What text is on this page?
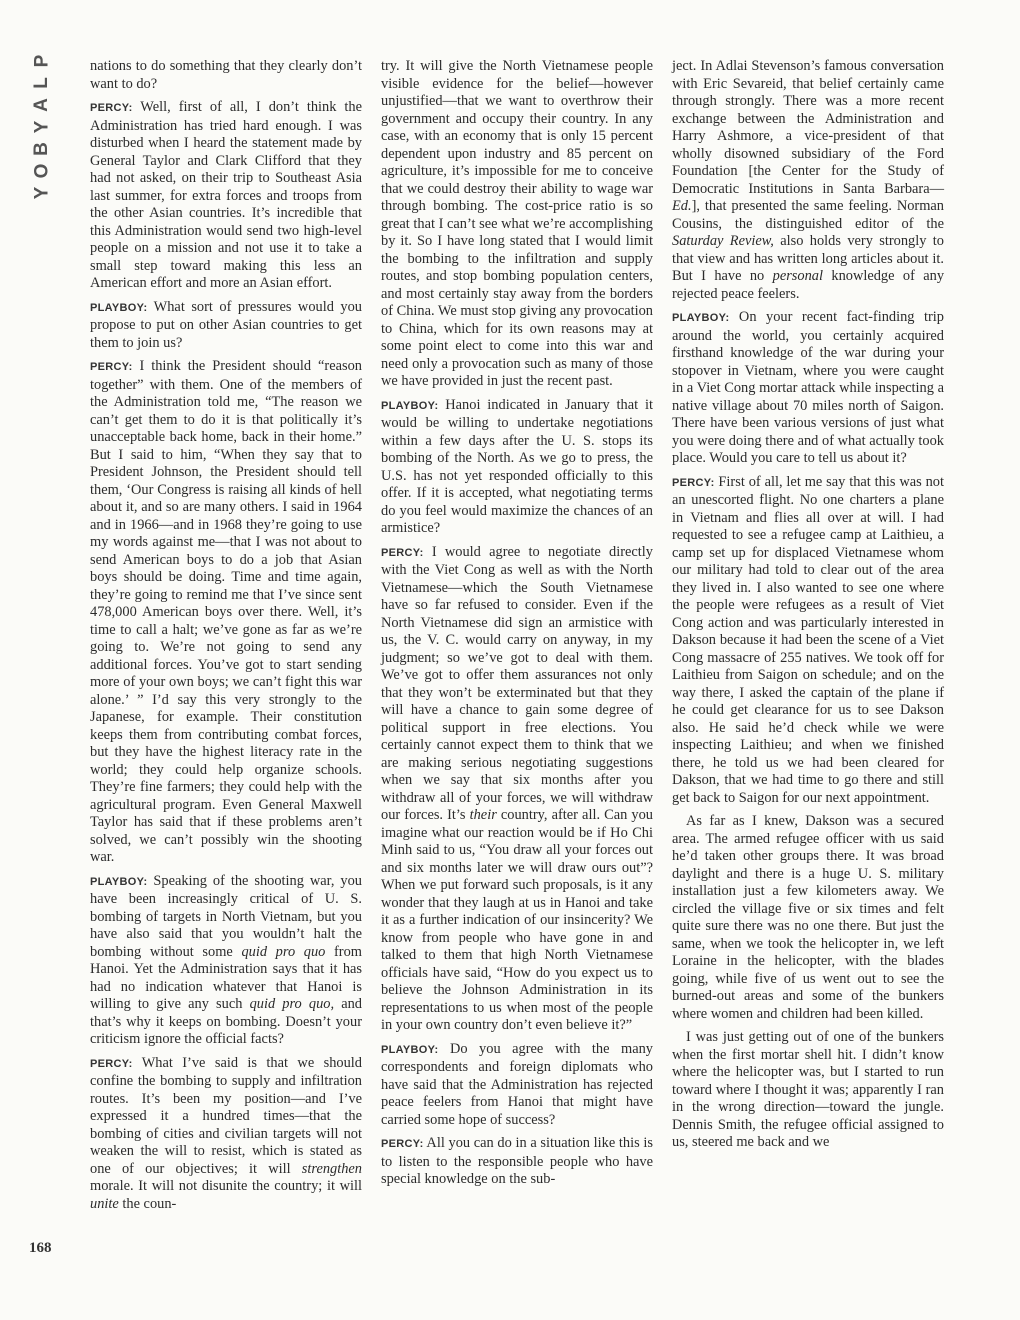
P
L
A
Y
B
O
Y

nations to do something that they clearly don’t want to do?

PERCY: Well, first of all, I don’t think the Administration has tried hard enough. I was disturbed when I heard the statement made by General Taylor and Clark Clifford that they had not asked, on their trip to Southeast Asia last summer, for extra forces and troops from the other Asian countries. It’s incredible that this Administration would send two high-level people on a mission and not use it to take a small step toward making this less an American effort and more an Asian effort.

PLAYBOY: What sort of pressures would you propose to put on other Asian countries to get them to join us?

PERCY: I think the President should “reason together” with them. One of the members of the Administration told me, “The reason we can’t get them to do it is that politically it’s unacceptable back home, back in their home.” But I said to him, “When they say that to President Johnson, the President should tell them, ‘Our Congress is raising all kinds of hell about it, and so are many others. I said in 1964 and in 1966—and in 1968 they’re going to use my words against me—that I was not about to send American boys to do a job that Asian boys should be doing. Time and time again, they’re going to remind me that I’ve since sent 478,000 American boys over there. Well, it’s time to call a halt; we’ve gone as far as we’re going to. We’re not going to send any additional forces. You’ve got to start sending more of your own boys; we can’t fight this war alone.’ ” I’d say this very strongly to the Japanese, for example. Their constitution keeps them from contributing combat forces, but they have the highest literacy rate in the world; they could help organize schools. They’re fine farmers; they could help with the agricultural program. Even General Maxwell Taylor has said that if these problems aren’t solved, we can’t possibly win the shooting war.

PLAYBOY: Speaking of the shooting war, you have been increasingly critical of U. S. bombing of targets in North Vietnam, but you have also said that you wouldn’t halt the bombing without some quid pro quo from Hanoi. Yet the Administration says that it has had no indication whatever that Hanoi is willing to give any such quid pro quo, and that’s why it keeps on bombing. Doesn’t your criticism ignore the official facts?

PERCY: What I’ve said is that we should confine the bombing to supply and infiltration routes. It’s been my position—and I’ve expressed it a hundred times—that the bombing of cities and civilian targets will not weaken the will to resist, which is stated as one of our objectives; it will strengthen morale. It will not disunite the country; it will unite the coun-

try. It will give the North Vietnamese people visible evidence for the belief—however unjustified—that we want to overthrow their government and occupy their country. In any case, with an economy that is only 15 percent dependent upon industry and 85 percent on agriculture, it’s impossible for me to conceive that we could destroy their ability to wage war through bombing. The cost-price ratio is so great that I can’t see what we’re accomplishing by it. So I have long stated that I would limit the bombing to the infiltration and supply routes, and stop bombing population centers, and most certainly stay away from the borders of China. We must stop giving any provocation to China, which for its own reasons may at some point elect to come into this war and need only a provocation such as many of those we have provided in just the recent past.

PLAYBOY: Hanoi indicated in January that it would be willing to undertake negotiations within a few days after the U. S. stops its bombing of the North. As we go to press, the U.S. has not yet responded officially to this offer. If it is accepted, what negotiating terms do you feel would maximize the chances of an armistice?

PERCY: I would agree to negotiate directly with the Viet Cong as well as with the North Vietnamese—which the South Vietnamese have so far refused to consider. Even if the North Vietnamese did sign an armistice with us, the V. C. would carry on anyway, in my judgment; so we’ve got to deal with them. We’ve got to offer them assurances not only that they won’t be exterminated but that they will have a chance to gain some degree of political support in free elections. You certainly cannot expect them to think that we are making serious negotiating suggestions when we say that six months after you withdraw all of your forces, we will withdraw our forces. It’s their country, after all. Can you imagine what our reaction would be if Ho Chi Minh said to us, “You draw all your forces out and six months later we will draw ours out”? When we put forward such proposals, is it any wonder that they laugh at us in Hanoi and take it as a further indication of our insincerity? We know from people who have gone in and talked to them that high North Vietnamese officials have said, “How do you expect us to believe the Johnson Administration in its representations to us when most of the people in your own country don’t even believe it?”

PLAYBOY: Do you agree with the many correspondents and foreign diplomats who have said that the Administration has rejected peace feelers from Hanoi that might have carried some hope of success?

PERCY: All you can do in a situation like this is to listen to the responsible people who have special knowledge on the sub-

ject. In Adlai Stevenson’s famous conversation with Eric Sevareid, that belief certainly came through strongly. There was a more recent exchange between the Administration and Harry Ashmore, a vice-president of that wholly disowned subsidiary of the Ford Foundation [the Center for the Study of Democratic Institutions in Santa Barbara—Ed.], that presented the same feeling. Norman Cousins, the distinguished editor of the Saturday Review, also holds very strongly to that view and has written long articles about it. But I have no personal knowledge of any rejected peace feelers.

PLAYBOY: On your recent fact-finding trip around the world, you certainly acquired firsthand knowledge of the war during your stopover in Vietnam, where you were caught in a Viet Cong mortar attack while inspecting a native village about 70 miles north of Saigon. There have been various versions of just what you were doing there and of what actually took place. Would you care to tell us about it?

PERCY: First of all, let me say that this was not an unescorted flight. No one charters a plane in Vietnam and flies all over at will. I had requested to see a refugee camp at Laithieu, a camp set up for displaced Vietnamese whom our military had told to clear out of the area they lived in. I also wanted to see one where the people were refugees as a result of Viet Cong action and was particularly interested in Dakson because it had been the scene of a Viet Cong massacre of 255 natives. We took off for Laithieu from Saigon on schedule; and on the way there, I asked the captain of the plane if he could get clearance for us to see Dakson also. He said he’d check while we were inspecting Laithieu; and when we finished there, he told us we had been cleared for Dakson, that we had time to go there and still get back to Saigon for our next appointment.

As far as I knew, Dakson was a secured area. The armed refugee officer with us said he’d taken other groups there. It was broad daylight and there is a huge U. S. military installation just a few kilometers away. We circled the village five or six times and felt quite sure there was no one there. But just the same, when we took the helicopter in, we left Loraine in the helicopter, with the blades going, while five of us went out to see the burned-out areas and some of the bunkers where women and children had been killed.

I was just getting out of one of the bunkers when the first mortar shell hit. I didn’t know where the helicopter was, but I started to run toward where I thought it was; apparently I ran in the wrong direction—toward the jungle. Dennis Smith, the refugee official assigned to us, steered me back and we

168
